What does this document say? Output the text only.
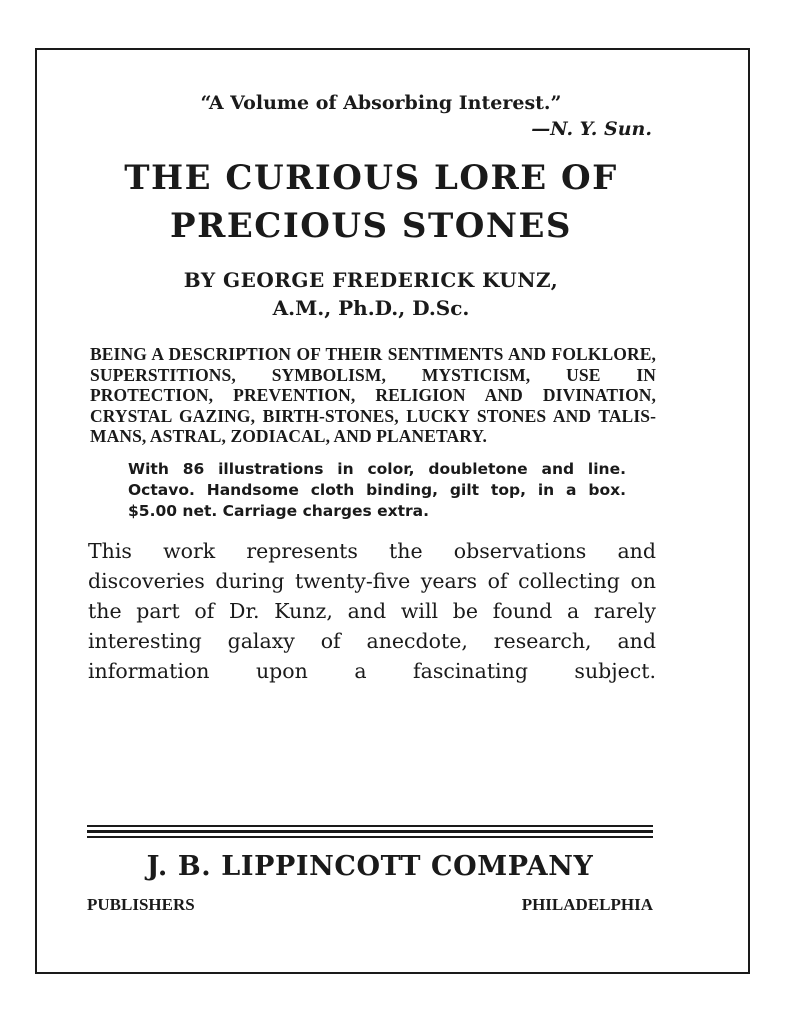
“A Volume of Absorbing Interest.”

—N. Y. Sun.

THE CURIOUS LORE OF
PRECIOUS STONES

BY GEORGE FREDERICK KUNZ,

A.M., Ph.D., D.Sc.

BEING A DESCRIPTION OF THEIR SENTIMENTS AND FOLKLORE, SUPERSTITIONS, SYMBOLISM, MYSTICISM, USE IN PROTECTION, PREVENTION, RELIGION AND DIVINATION, CRYSTAL GAZING, BIRTH-STONES, LUCKY STONES AND TALIS-MANS, ASTRAL, ZODIACAL, AND PLANETARY.

With 86 illustrations in color, doubletone and line. Octavo. Handsome cloth binding, gilt top, in a box. $5.00 net. Carriage charges extra.

This work represents the observations and discoveries during twenty-five years of collecting on the part of Dr. Kunz, and will be found a rarely interesting galaxy of anecdote, research, and information upon a fascinating subject.

J. B. LIPPINCOTT COMPANY

PUBLISHERS	PHILADELPHIA
